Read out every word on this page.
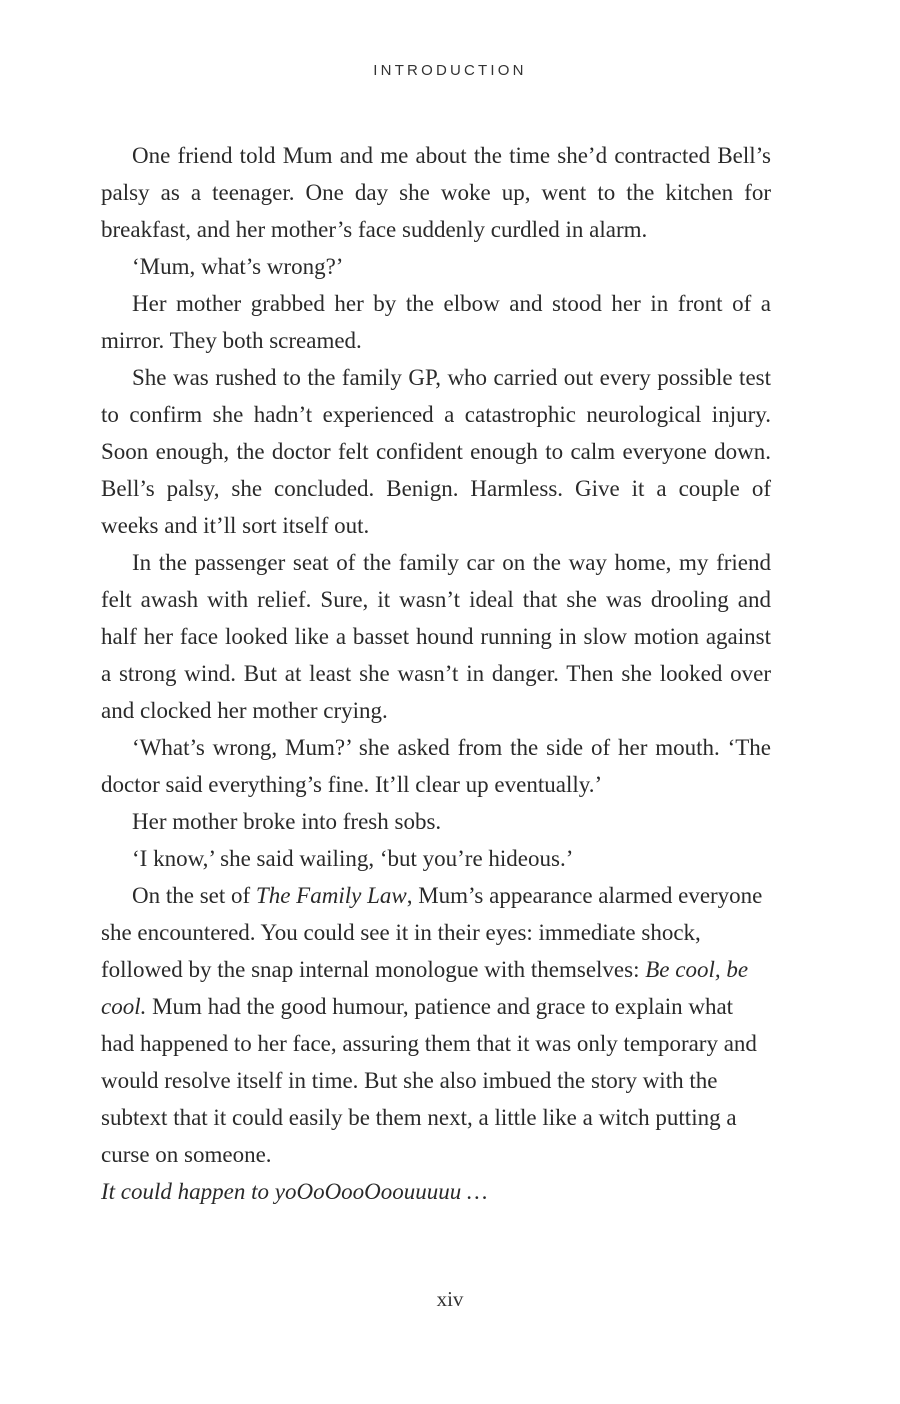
INTRODUCTION

One friend told Mum and me about the time she’d contracted Bell’s palsy as a teenager. One day she woke up, went to the kitchen for breakfast, and her mother’s face suddenly curdled in alarm.

‘Mum, what’s wrong?’

Her mother grabbed her by the elbow and stood her in front of a mirror. They both screamed.

She was rushed to the family GP, who carried out every possible test to confirm she hadn’t experienced a catastrophic neurological injury. Soon enough, the doctor felt confident enough to calm everyone down. Bell’s palsy, she concluded. Benign. Harmless. Give it a couple of weeks and it’ll sort itself out.

In the passenger seat of the family car on the way home, my friend felt awash with relief. Sure, it wasn’t ideal that she was drooling and half her face looked like a basset hound running in slow motion against a strong wind. But at least she wasn’t in danger. Then she looked over and clocked her mother crying.

‘What’s wrong, Mum?’ she asked from the side of her mouth. ‘The doctor said everything’s fine. It’ll clear up eventually.’

Her mother broke into fresh sobs.

‘I know,’ she said wailing, ‘but you’re hideous.’

On the set of The Family Law, Mum’s appearance alarmed everyone she encountered. You could see it in their eyes: immediate shock, followed by the snap internal monologue with themselves: Be cool, be cool. Mum had the good humour, patience and grace to explain what had happened to her face, assuring them that it was only temporary and would resolve itself in time. But she also imbued the story with the subtext that it could easily be them next, a little like a witch putting a curse on someone.
It could happen to yoOoOooOoouuuuu …

xiv
